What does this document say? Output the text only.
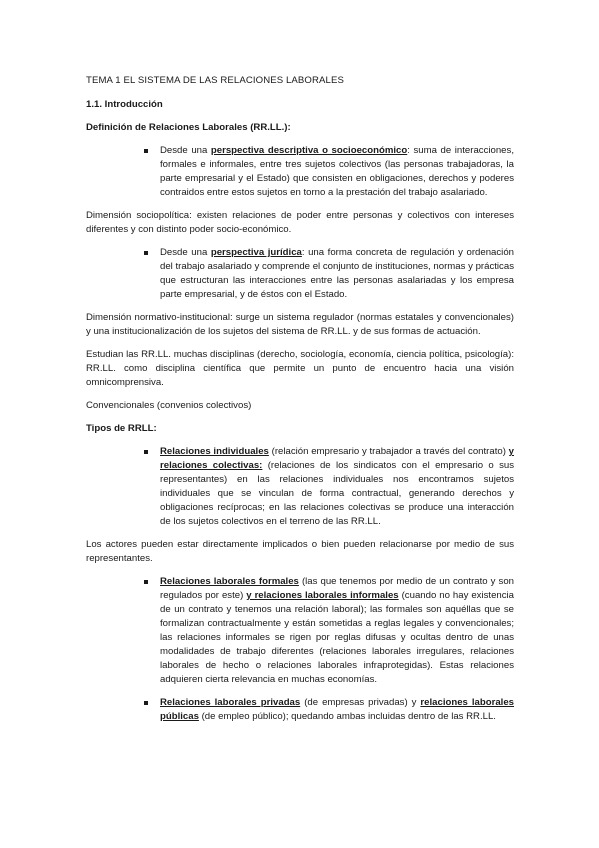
TEMA 1 EL SISTEMA DE LAS RELACIONES LABORALES

1.1. Introducción

Definición de Relaciones Laborales (RR.LL.):

Desde una perspectiva descriptiva o socioeconómico: suma de interacciones, formales e informales, entre tres sujetos colectivos (las personas trabajadoras, la parte empresarial y el Estado) que consisten en obligaciones, derechos y poderes contraidos entre estos sujetos en torno a la prestación del trabajo asalariado.

Dimensión sociopolítica: existen relaciones de poder entre personas y colectivos con intereses diferentes y con distinto poder socio-económico.

Desde una perspectiva jurídica: una forma concreta de regulación y ordenación del trabajo asalariado y comprende el conjunto de instituciones, normas y prácticas que estructuran las interacciones entre las personas asalariadas y los empresa parte empresarial, y de éstos con el Estado.

Dimensión normativo-institucional: surge un sistema regulador (normas estatales y convencionales) y una institucionalización de los sujetos del sistema de RR.LL. y de sus formas de actuación.

Estudian las RR.LL. muchas disciplinas (derecho, sociología, economía, ciencia política, psicología): RR.LL. como disciplina científica que permite un punto de encuentro hacia una visión omnicomprensiva.

Convencionales (convenios colectivos)

Tipos de RRLL:

Relaciones individuales (relación empresario y trabajador a través del contrato) y relaciones colectivas: (relaciones de los sindicatos con el empresario o sus representantes) en las relaciones individuales nos encontramos sujetos individuales que se vinculan de forma contractual, generando derechos y obligaciones recíprocas; en las relaciones colectivas se produce una interacción de los sujetos colectivos en el terreno de las RR.LL.

Los actores pueden estar directamente implicados o bien pueden relacionarse por medio de sus representantes.

Relaciones laborales formales (las que tenemos por medio de un contrato y son regulados por este) y relaciones laborales informales (cuando no hay existencia de un contrato y tenemos una relación laboral); las formales son aquéllas que se formalizan contractualmente y están sometidas a reglas legales y convencionales; las relaciones informales se rigen por reglas difusas y ocultas dentro de unas modalidades de trabajo diferentes (relaciones laborales irregulares, relaciones laborales de hecho o relaciones laborales infraprotegidas). Estas relaciones adquieren cierta relevancia en muchas economías.

Relaciones laborales privadas (de empresas privadas) y relaciones laborales públicas (de empleo público); quedando ambas incluidas dentro de las RR.LL.
